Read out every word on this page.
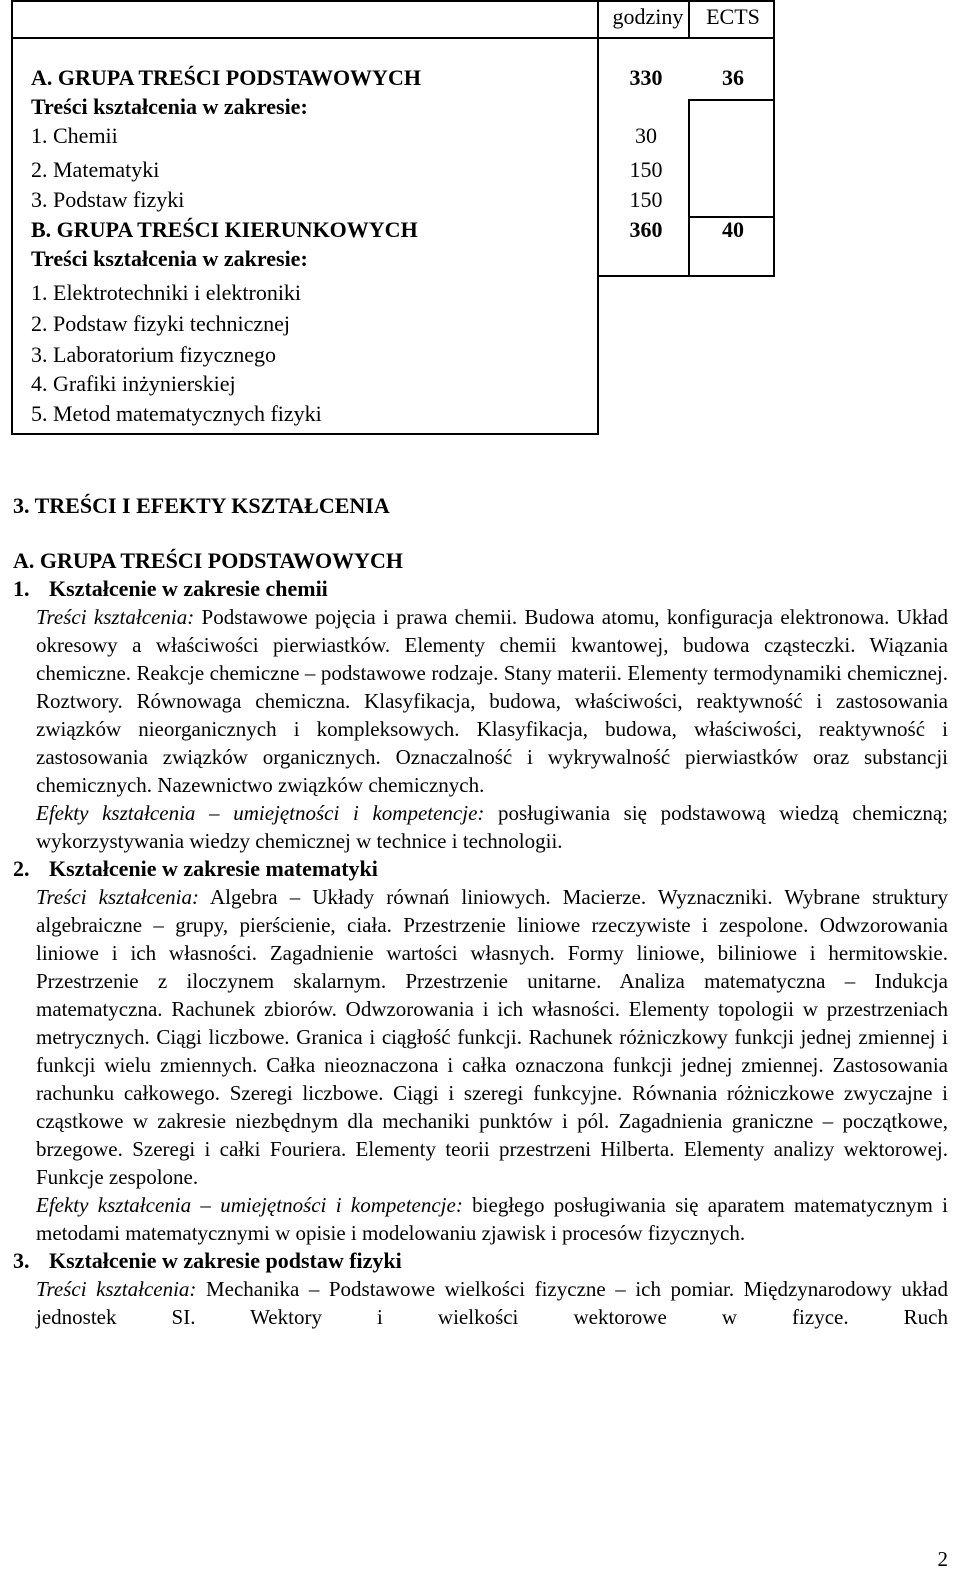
godziny	ECTS
A. GRUPA TREŚCI PODSTAWOWYCH
Treści kształcenia w zakresie:
1. Chemii
2. Matematyki
3. Podstaw fizyki
B. GRUPA TREŚCI KIERUNKOWYCH
Treści kształcenia w zakresie:
1. Elektrotechniki i elektroniki
2. Podstaw fizyki technicznej
3. Laboratorium fizycznego
4. Grafiki inżynierskiej
5. Metod matematycznych fizyki
330
30
150
150
360
36
40
3. TREŚCI I EFEKTY KSZTAŁCENIA
A. GRUPA TREŚCI PODSTAWOWYCH

1. Kształcenie w zakresie chemii

Treści kształcenia: Podstawowe pojęcia i prawa chemii. Budowa atomu, konfiguracja elektronowa. Układ okresowy a właściwości pierwiastków. Elementy chemii kwantowej, budowa cząsteczki. Wiązania chemiczne. Reakcje chemiczne – podstawowe rodzaje. Stany materii. Elementy termodynamiki chemicznej. Roztwory. Równowaga chemiczna. Klasyfikacja, budowa, właściwości, reaktywność i zastosowania związków nieorganicznych i kompleksowych. Klasyfikacja, budowa, właściwości, reaktywność i zastosowania związków organicznych. Oznaczalność i wykrywalność pierwiastków oraz substancji chemicznych. Nazewnictwo związków chemicznych.

Efekty kształcenia – umiejętności i kompetencje: posługiwania się podstawową wiedzą chemiczną; wykorzystywania wiedzy chemicznej w technice i technologii.

2. Kształcenie w zakresie matematyki

Treści kształcenia: Algebra – Układy równań liniowych. Macierze. Wyznaczniki. Wybrane struktury algebraiczne – grupy, pierścienie, ciała. Przestrzenie liniowe rzeczywiste i zespolone. Odwzorowania liniowe i ich własności. Zagadnienie wartości własnych. Formy liniowe, biliniowe i hermitowskie. Przestrzenie z iloczynem skalarnym. Przestrzenie unitarne. Analiza matematyczna – Indukcja matematyczna. Rachunek zbiorów. Odwzorowania i ich własności. Elementy topologii w przestrzeniach metrycznych. Ciągi liczbowe. Granica i ciągłość funkcji. Rachunek różniczkowy funkcji jednej zmiennej i funkcji wielu zmiennych. Całka nieoznaczona i całka oznaczona funkcji jednej zmiennej. Zastosowania rachunku całkowego. Szeregi liczbowe. Ciągi i szeregi funkcyjne. Równania różniczkowe zwyczajne i cząstkowe w zakresie niezbędnym dla mechaniki punktów i pól. Zagadnienia graniczne – początkowe, brzegowe. Szeregi i całki Fouriera. Elementy teorii przestrzeni Hilberta. Elementy analizy wektorowej. Funkcje zespolone.

Efekty kształcenia – umiejętności i kompetencje: biegłego posługiwania się aparatem matematycznym i metodami matematycznymi w opisie i modelowaniu zjawisk i procesów fizycznych.

3. Kształcenie w zakresie podstaw fizyki

Treści kształcenia: Mechanika – Podstawowe wielkości fizyczne – ich pomiar. Międzynarodowy układ jednostek SI. Wektory i wielkości wektorowe w fizyce. Ruch

2
